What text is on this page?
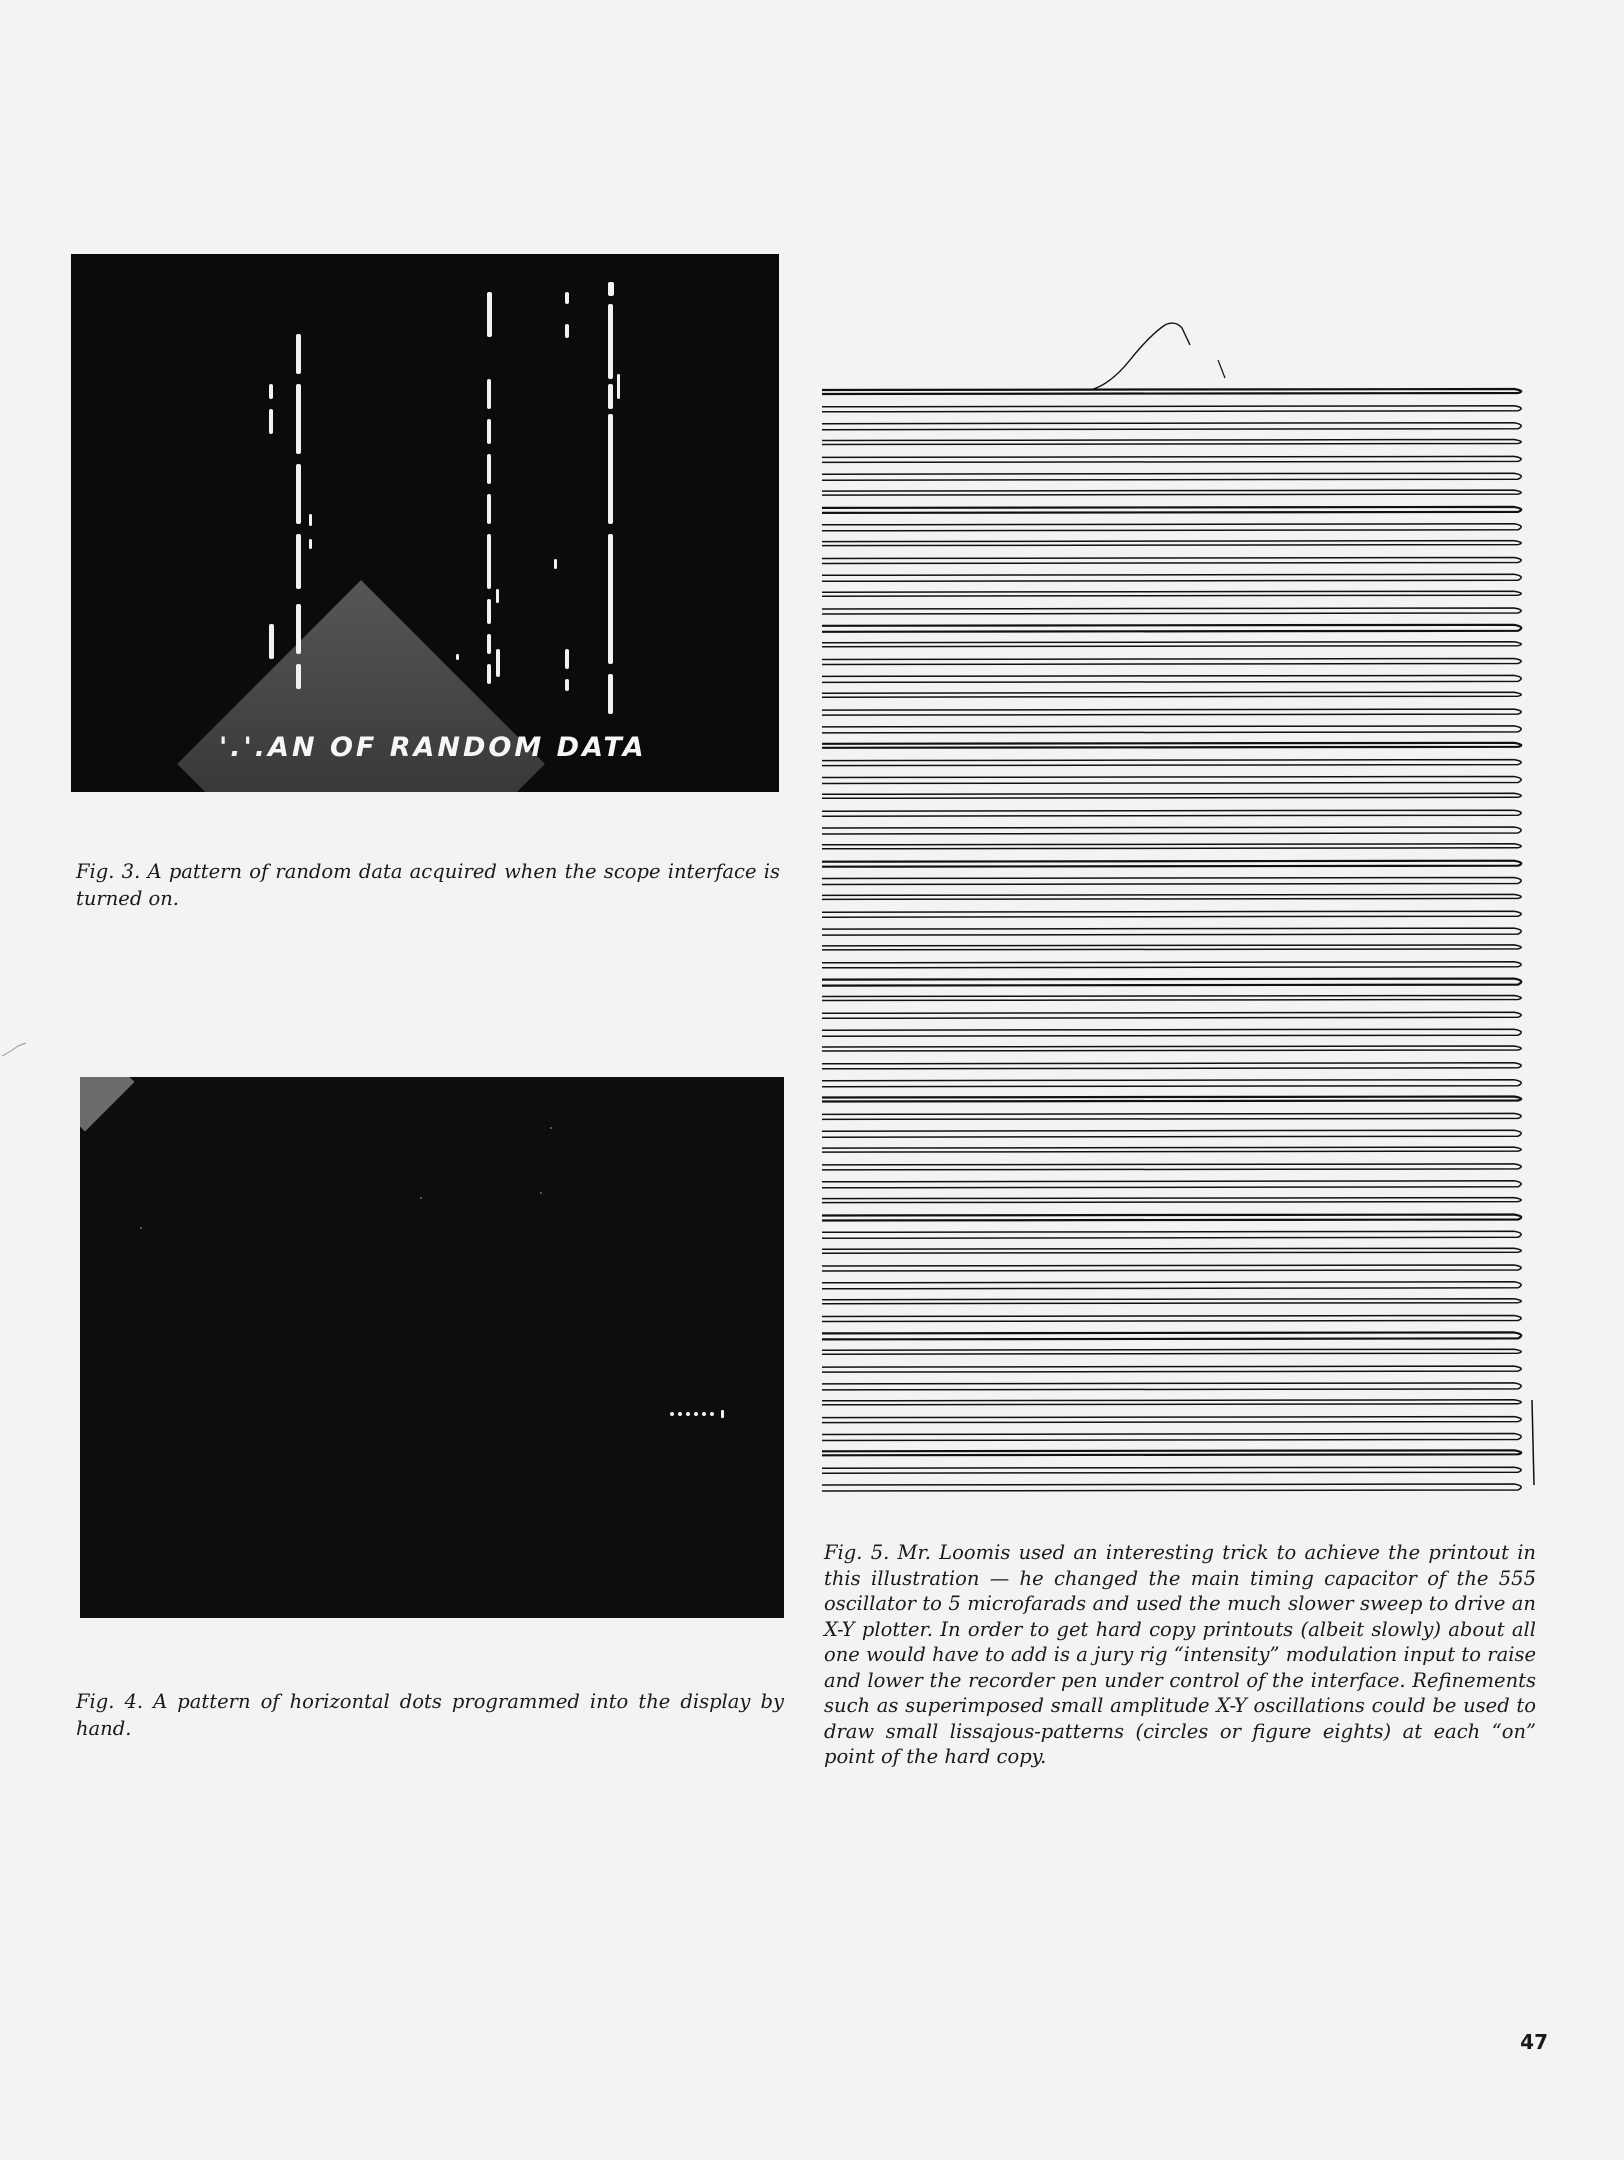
'.'.AN OF RANDOM DATA

Fig. 3. A pattern of random data acquired when the scope interface is turned on.

Fig. 4. A pattern of horizontal dots programmed into the display by hand.

Fig. 5. Mr. Loomis used an interesting trick to achieve the printout in this illustration — he changed the main timing capacitor of the 555 oscillator to 5 microfarads and used the much slower sweep to drive an X-Y plotter. In order to get hard copy printouts (albeit slowly) about all one would have to add is a jury rig “intensity” modulation input to raise and lower the recorder pen under control of the interface. Refinements such as superimposed small amplitude X-Y oscillations could be used to draw small lissajous-patterns (circles or figure eights) at each “on” point of the hard copy.

47
